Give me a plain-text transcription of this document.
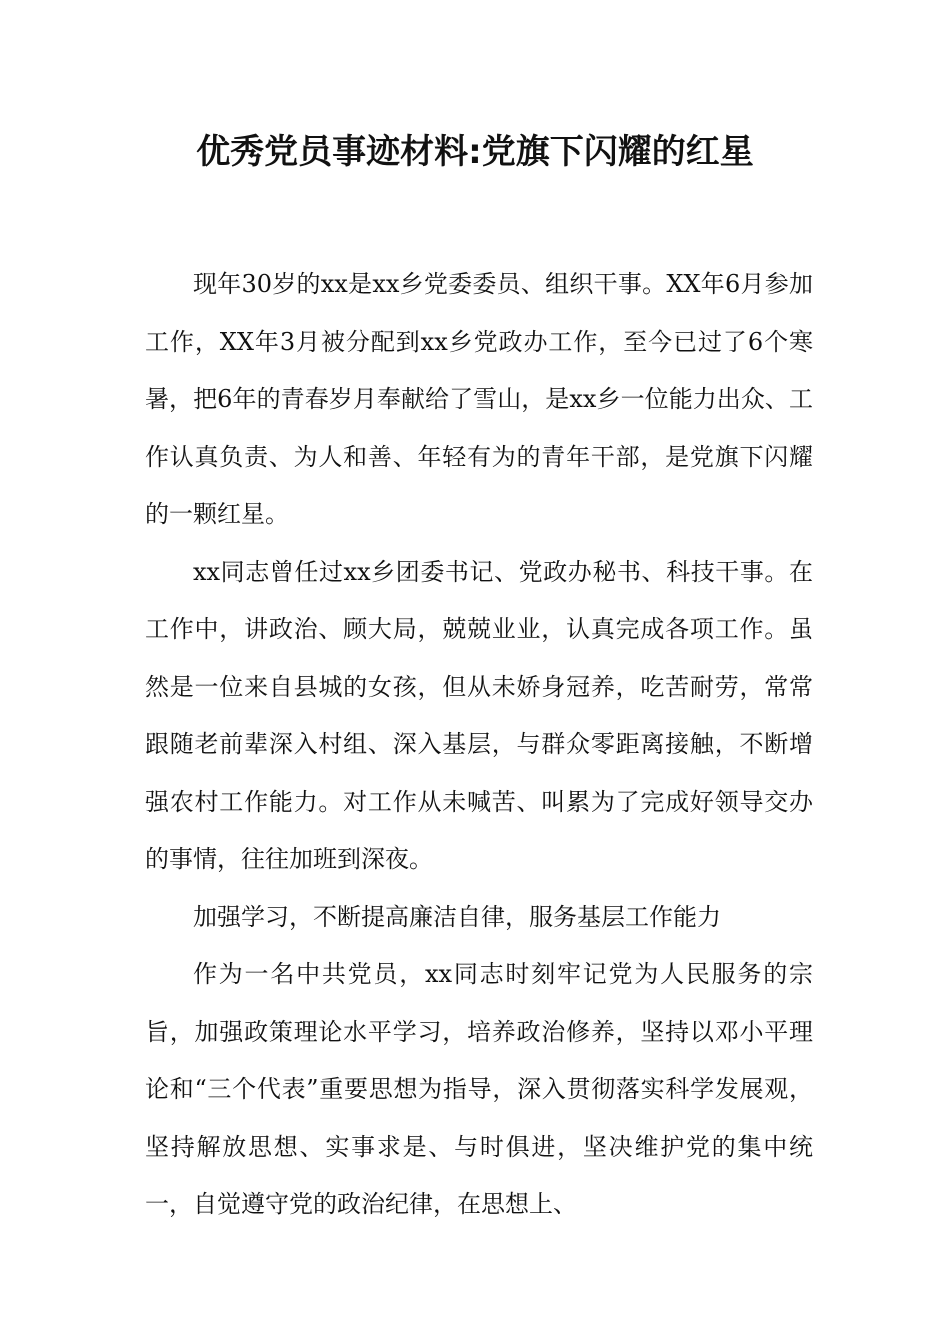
优秀党员事迹材料:党旗下闪耀的红星

现年30岁的xx是xx乡党委委员、组织干事。XX年6月参加工作，XX年3月被分配到xx乡党政办工作，至今已过了6个寒暑，把6年的青春岁月奉献给了雪山，是xx乡一位能力出众、工作认真负责、为人和善、年轻有为的青年干部，是党旗下闪耀的一颗红星。

xx同志曾任过xx乡团委书记、党政办秘书、科技干事。在工作中，讲政治、顾大局，兢兢业业，认真完成各项工作。虽然是一位来自县城的女孩，但从未娇身冠养，吃苦耐劳，常常跟随老前辈深入村组、深入基层，与群众零距离接触，不断增强农村工作能力。对工作从未喊苦、叫累为了完成好领导交办的事情，往往加班到深夜。

加强学习，不断提高廉洁自律，服务基层工作能力

作为一名中共党员，xx同志时刻牢记党为人民服务的宗旨，加强政策理论水平学习，培养政治修养，坚持以邓小平理论和“三个代表”重要思想为指导，深入贯彻落实科学发展观，坚持解放思想、实事求是、与时俱进，坚决维护党的集中统一，自觉遵守党的政治纪律，在思想上、
